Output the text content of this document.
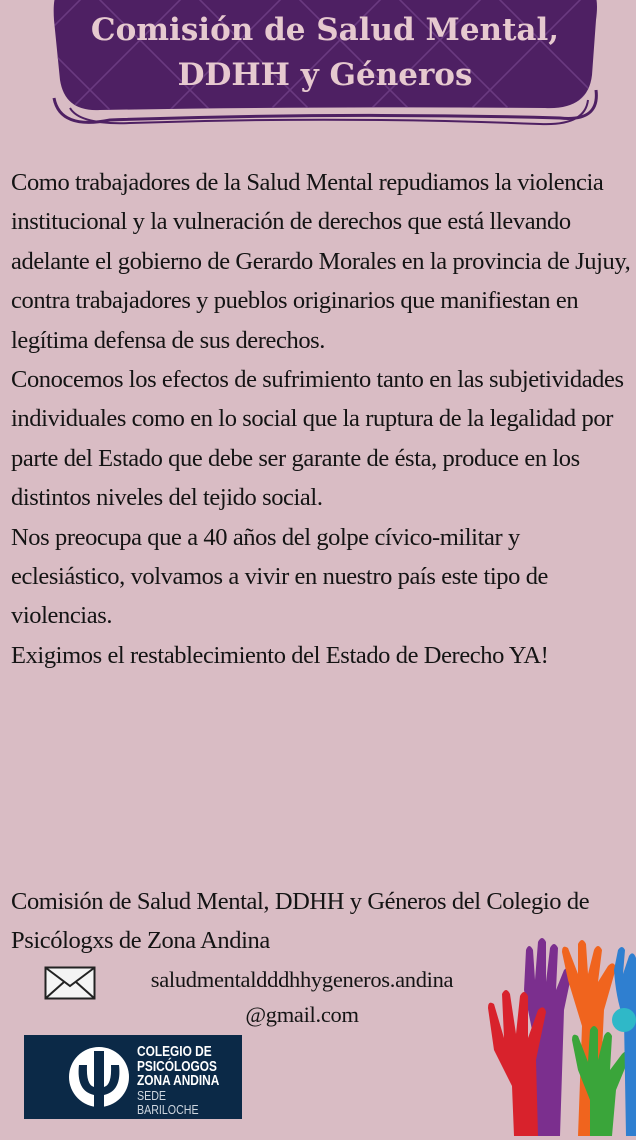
Comisión de Salud Mental,
DDHH y Géneros

Como trabajadores de la Salud Mental repudiamos la violencia institucional y la vulneración de derechos que está llevando adelante el gobierno de Gerardo Morales en la provincia de Jujuy, contra trabajadores y pueblos originarios que manifiestan en legítima defensa de sus derechos.

Conocemos los efectos de sufrimiento tanto en las subjetividades individuales como en lo social que la ruptura de la legalidad por parte del Estado que debe ser garante de ésta, produce en los distintos niveles del tejido social.

Nos preocupa que a 40 años del golpe cívico-militar y eclesiástico, volvamos a vivir en nuestro país este tipo de violencias.

Exigimos el restablecimiento del Estado de Derecho YA!

Comisión de Salud Mental, DDHH y Géneros del Colegio de Psicólogxs de Zona Andina

saludmentaldddhhygeneros.andina
@gmail.com
COLEGIO DE
PSICÓLOGOS
ZONA ANDINA
SEDE BARILOCHE
